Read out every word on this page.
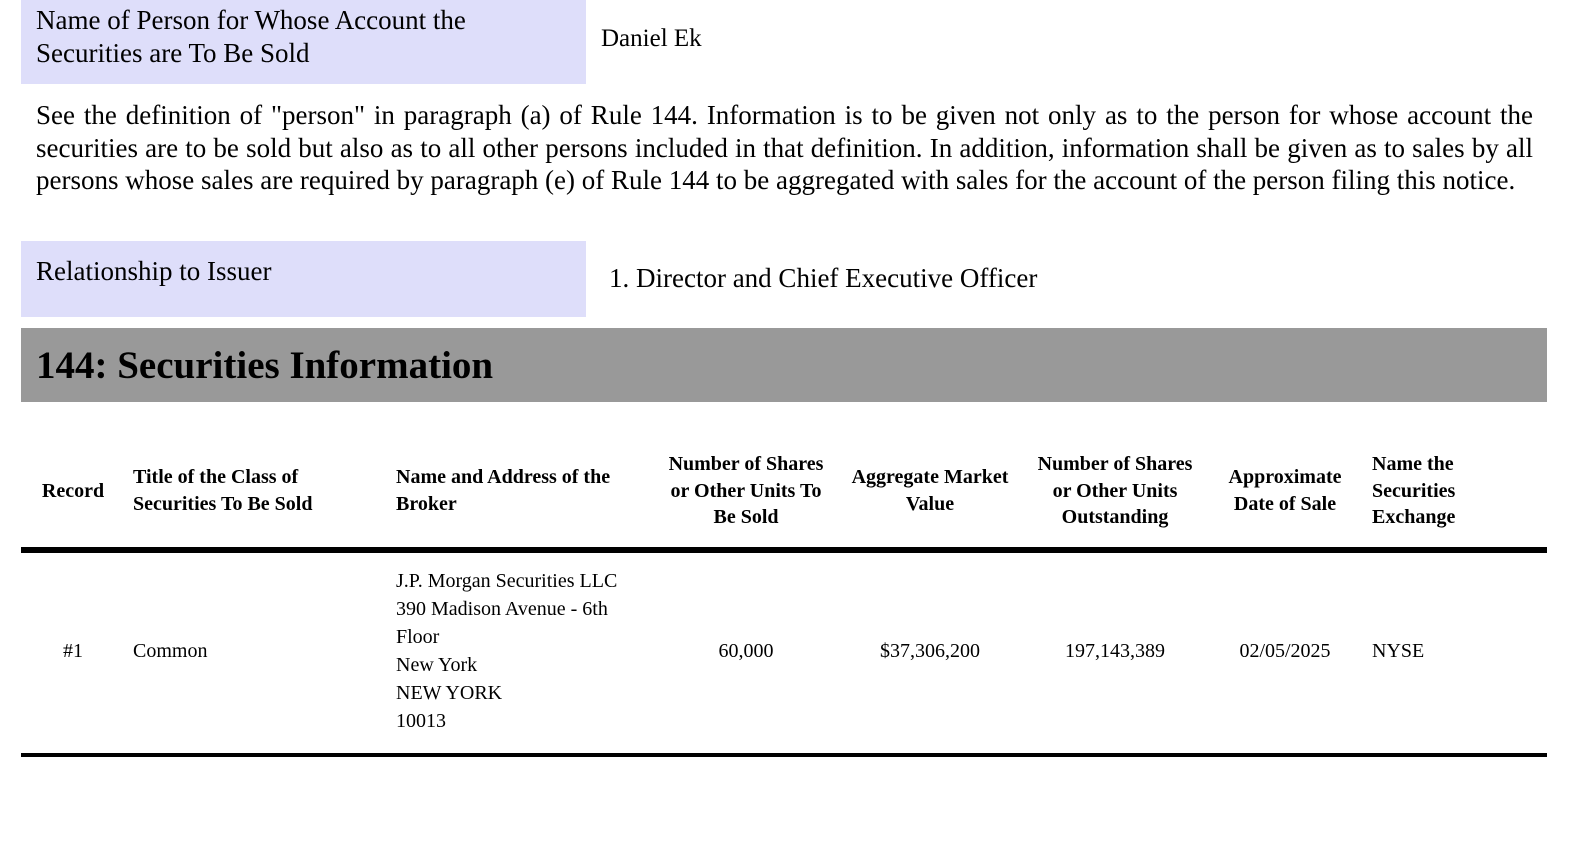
Name of Person for Whose Account the Securities are To Be Sold	Daniel Ek
See the definition of "person" in paragraph (a) of Rule 144. Information is to be given not only as to the person for whose account the securities are to be sold but also as to all other persons included in that definition. In addition, information shall be given as to sales by all persons whose sales are required by paragraph (e) of Rule 144 to be aggregated with sales for the account of the person filing this notice.
Relationship to Issuer	1. Director and Chief Executive Officer
144: Securities Information
Record	Title of the Class of Securities To Be Sold	Name and Address of the Broker	Number of Shares or Other Units To Be Sold	Aggregate Market Value	Number of Shares or Other Units Outstanding	Approximate Date of Sale	Name the Securities Exchange
#1	Common	J.P. Morgan Securities LLC
390 Madison Avenue - 6th Floor
New York
NEW YORK
10013	60,000	$37,306,200	197,143,389	02/05/2025	NYSE
